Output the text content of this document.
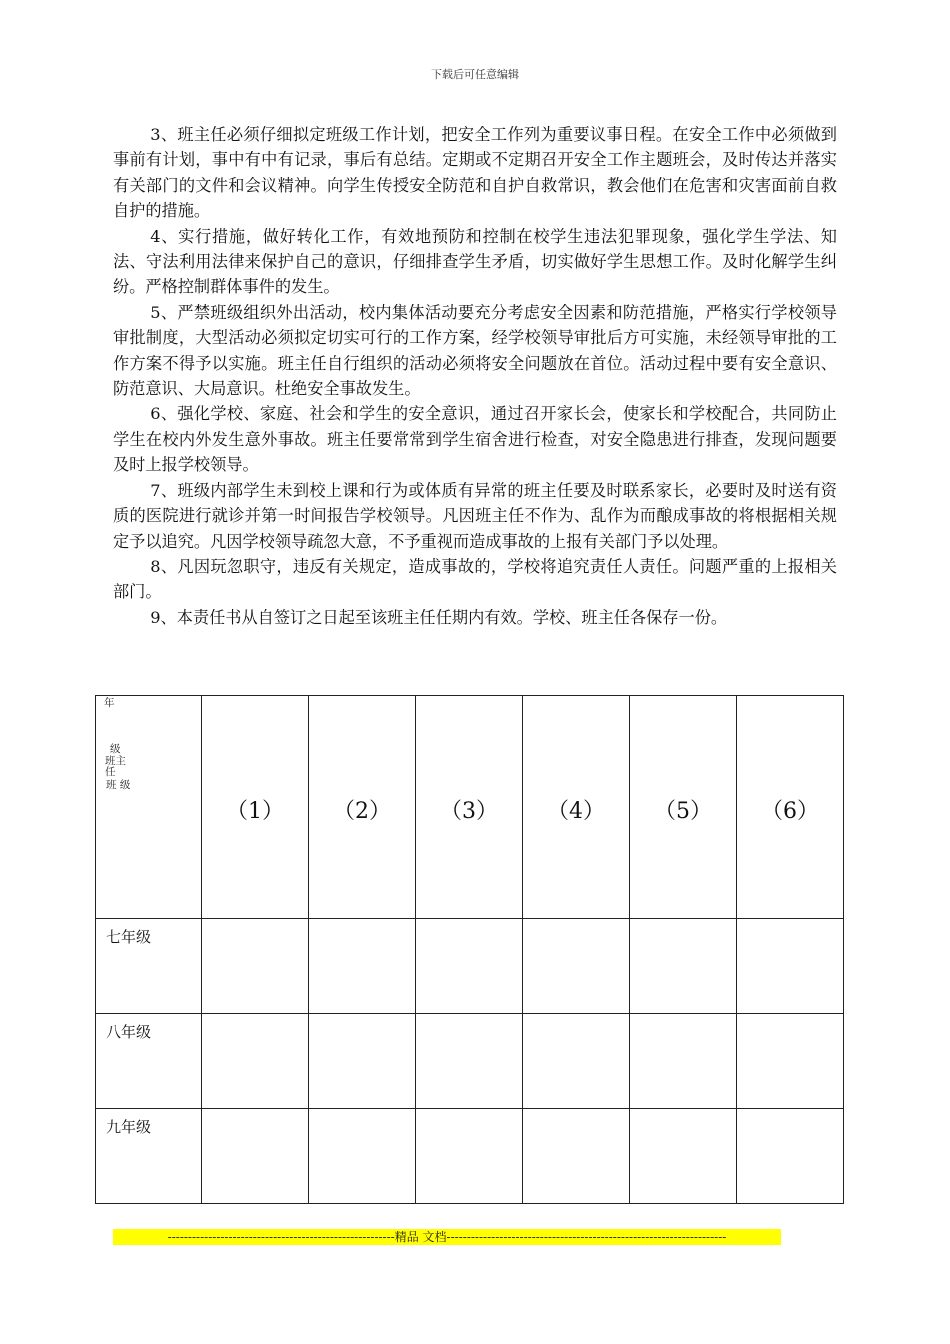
下载后可任意编辑

3、班主任必须仔细拟定班级工作计划，把安全工作列为重要议事日程。在安全工作中必须做到事前有计划，事中有中有记录，事后有总结。定期或不定期召开安全工作主题班会，及时传达并落实有关部门的文件和会议精神。向学生传授安全防范和自护自救常识，教会他们在危害和灾害面前自救自护的措施。

4、实行措施，做好转化工作，有效地预防和控制在校学生违法犯罪现象，强化学生学法、知法、守法利用法律来保护自己的意识，仔细排查学生矛盾，切实做好学生思想工作。及时化解学生纠纷。严格控制群体事件的发生。

5、严禁班级组织外出活动，校内集体活动要充分考虑安全因素和防范措施，严格实行学校领导审批制度，大型活动必须拟定切实可行的工作方案，经学校领导审批后方可实施，未经领导审批的工作方案不得予以实施。班主任自行组织的活动必须将安全问题放在首位。活动过程中要有安全意识、防范意识、大局意识。杜绝安全事故发生。

6、强化学校、家庭、社会和学生的安全意识，通过召开家长会，使家长和学校配合，共同防止学生在校内外发生意外事故。班主任要常常到学生宿舍进行检查，对安全隐患进行排查，发现问题要及时上报学校领导。

7、班级内部学生未到校上课和行为或体质有异常的班主任要及时联系家长，必要时及时送有资质的医院进行就诊并第一时间报告学校领导。凡因班主任不作为、乱作为而酿成事故的将根据相关规定予以追究。凡因学校领导疏忽大意，不予重视而造成事故的上报有关部门予以处理。

8、凡因玩忽职守，违反有关规定，造成事故的，学校将追究责任人责任。问题严重的上报相关部门。

9、本责任书从自签订之日起至该班主任任期内有效。学校、班主任各保存一份。

年
级
班主
任
班 级	（1）	（2）	（3）	（4）	（5）	（6）
七年级						
八年级						
九年级						
--------------------------------------------------------精品 文档---------------------------------------------------------------------
